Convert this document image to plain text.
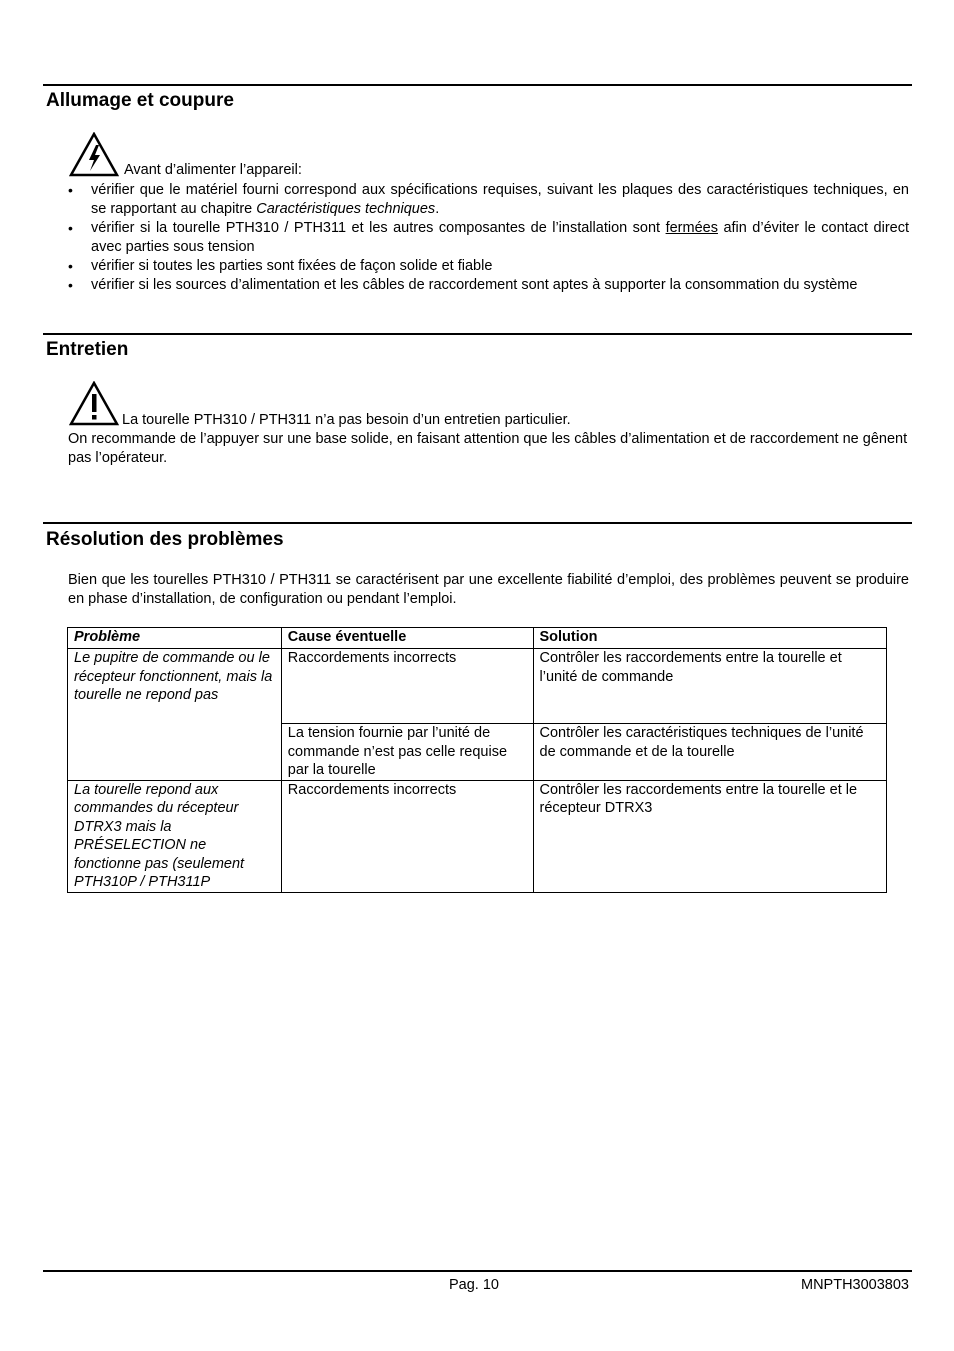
Allumage et coupure
Avant d’alimenter l’appareil:
• vérifier que le matériel fourni correspond aux spécifications requises, suivant les plaques des caractéristiques techniques, en se rapportant au chapitre Caractéristiques techniques.
• vérifier si la tourelle PTH310 / PTH311 et les autres composantes de l’installation sont fermées afin d’éviter le contact direct avec parties sous tension
• vérifier si toutes les parties sont fixées de façon solide et fiable
• vérifier si les sources d’alimentation et les câbles de raccordement sont aptes à supporter la consommation du système
Entretien
La tourelle PTH310 / PTH311 n’a pas besoin d’un entretien particulier.

On recommande de l’appuyer sur une base solide, en faisant attention que les câbles d’alimentation et de raccordement ne gênent pas l’opérateur.

Résolution des problèmes

Bien que les tourelles PTH310 / PTH311 se caractérisent par une excellente fiabilité d’emploi, des problèmes peuvent se produire en phase d’installation, de configuration ou pendant l’emploi.

Problème	Cause éventuelle	Solution
Le pupitre de commande ou le récepteur fonctionnent, mais la tourelle ne repond pas	Raccordements incorrects	Contrôler les raccordements entre la tourelle et l’unité de commande
	La tension fournie par l’unité de commande n’est pas celle requise par la tourelle	Contrôler les caractéristiques techniques de l’unité de commande et de la tourelle
La tourelle repond aux commandes du récepteur DTRX3 mais la PRÉSELECTION ne fonctionne pas (seulement PTH310P / PTH311P	Raccordements incorrects	Contrôler les raccordements entre la tourelle et le récepteur DTRX3
Pag. 10	MNPTH3003803
